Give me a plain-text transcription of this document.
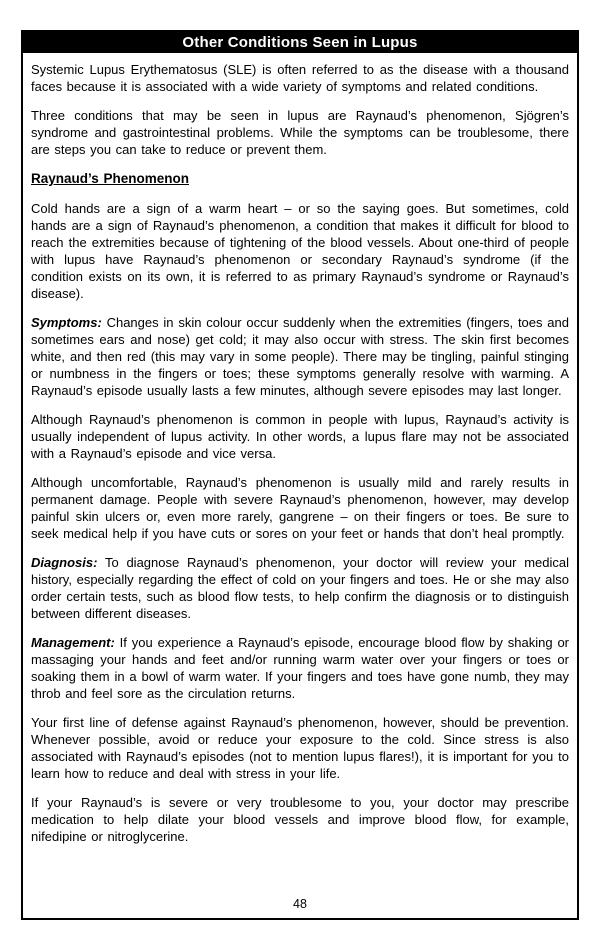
Other Conditions Seen in Lupus

Systemic Lupus Erythematosus (SLE) is often referred to as the disease with a thousand faces because it is associated with a wide variety of symptoms and related conditions.

Three conditions that may be seen in lupus are Raynaud’s phenomenon, Sjögren’s syndrome and gastrointestinal problems. While the symptoms can be troublesome, there are steps you can take to reduce or prevent them.

Raynaud’s Phenomenon

Cold hands are a sign of a warm heart – or so the saying goes. But sometimes, cold hands are a sign of Raynaud’s phenomenon, a condition that makes it difficult for blood to reach the extremities because of tightening of the blood vessels. About one-third of people with lupus have Raynaud’s phenomenon or secondary Raynaud’s syndrome (if the condition exists on its own, it is referred to as primary Raynaud’s syndrome or Raynaud’s disease).

Symptoms: Changes in skin colour occur suddenly when the extremities (fingers, toes and sometimes ears and nose) get cold; it may also occur with stress. The skin first becomes white, and then red (this may vary in some people). There may be tingling, painful stinging or numbness in the fingers or toes; these symptoms generally resolve with warming. A Raynaud’s episode usually lasts a few minutes, although severe episodes may last longer.

Although Raynaud’s phenomenon is common in people with lupus, Raynaud’s activity is usually independent of lupus activity. In other words, a lupus flare may not be associated with a Raynaud’s episode and vice versa.

Although uncomfortable, Raynaud’s phenomenon is usually mild and rarely results in permanent damage. People with severe Raynaud’s phenomenon, however, may develop painful skin ulcers or, even more rarely, gangrene – on their fingers or toes. Be sure to seek medical help if you have cuts or sores on your feet or hands that don’t heal promptly.

Diagnosis: To diagnose Raynaud’s phenomenon, your doctor will review your medical history, especially regarding the effect of cold on your fingers and toes. He or she may also order certain tests, such as blood flow tests, to help confirm the diagnosis or to distinguish between different diseases.

Management: If you experience a Raynaud’s episode, encourage blood flow by shaking or massaging your hands and feet and/or running warm water over your fingers or toes or soaking them in a bowl of warm water. If your fingers and toes have gone numb, they may throb and feel sore as the circulation returns.

Your first line of defense against Raynaud’s phenomenon, however, should be prevention. Whenever possible, avoid or reduce your exposure to the cold. Since stress is also associated with Raynaud’s episodes (not to mention lupus flares!), it is important for you to learn how to reduce and deal with stress in your life.

If your Raynaud’s is severe or very troublesome to you, your doctor may prescribe medication to help dilate your blood vessels and improve blood flow, for example, nifedipine or nitroglycerine.

48
